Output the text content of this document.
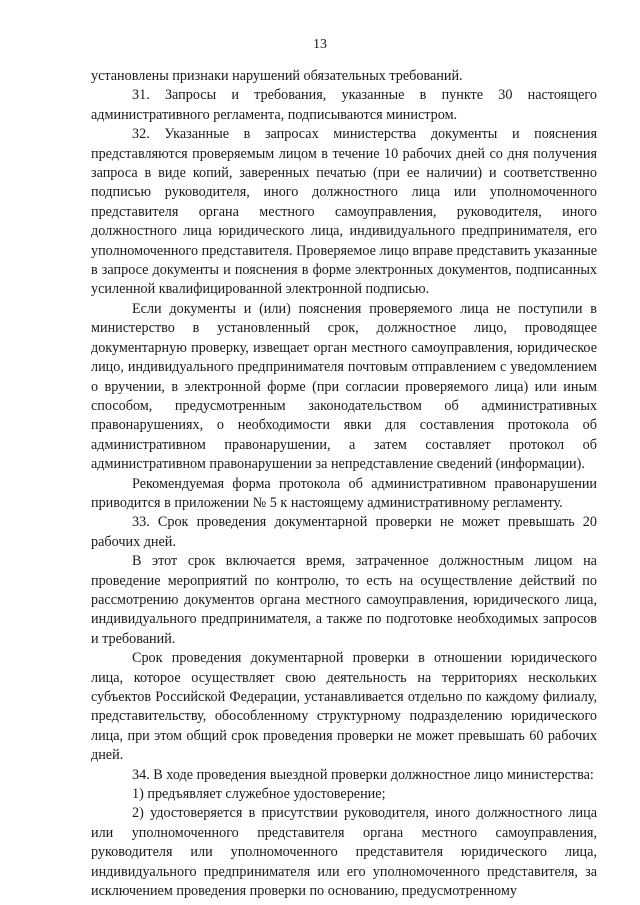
13

установлены признаки нарушений обязательных требований.

31. Запросы и требования, указанные в пункте 30 настоящего административного регламента, подписываются министром.

32. Указанные в запросах министерства документы и пояснения представляются проверяемым лицом в течение 10 рабочих дней со дня получения запроса в виде копий, заверенных печатью (при ее наличии) и соответственно подписью руководителя, иного должностного лица или уполномоченного представителя органа местного самоуправления, руководителя, иного должностного лица юридического лица, индивидуального предпринимателя, его уполномоченного представителя. Проверяемое лицо вправе представить указанные в запросе документы и пояснения в форме электронных документов, подписанных усиленной квалифицированной электронной подписью.

Если документы и (или) пояснения проверяемого лица не поступили в министерство в установленный срок, должностное лицо, проводящее документарную проверку, извещает орган местного самоуправления, юридическое лицо, индивидуального предпринимателя почтовым отправлением с уведомлением о вручении, в электронной форме (при согласии проверяемого лица) или иным способом, предусмотренным законодательством об административных правонарушениях, о необходимости явки для составления протокола об административном правонарушении, а затем составляет протокол об административном правонарушении за непредставление сведений (информации).

Рекомендуемая форма протокола об административном правонарушении приводится в приложении № 5 к настоящему административному регламенту.

33. Срок проведения документарной проверки не может превышать 20 рабочих дней.

В этот срок включается время, затраченное должностным лицом на проведение мероприятий по контролю, то есть на осуществление действий по рассмотрению документов органа местного самоуправления, юридического лица, индивидуального предпринимателя, а также по подготовке необходимых запросов и требований.

Срок проведения документарной проверки в отношении юридического лица, которое осуществляет свою деятельность на территориях нескольких субъектов Российской Федерации, устанавливается отдельно по каждому филиалу, представительству, обособленному структурному подразделению юридического лица, при этом общий срок проведения проверки не может превышать 60 рабочих дней.

34. В ходе проведения выездной проверки должностное лицо министерства:

1) предъявляет служебное удостоверение;

2) удостоверяется в присутствии руководителя, иного должностного лица или уполномоченного представителя органа местного самоуправления, руководителя или уполномоченного представителя юридического лица, индивидуального предпринимателя или его уполномоченного представителя, за исключением проведения проверки по основанию, предусмотренному
